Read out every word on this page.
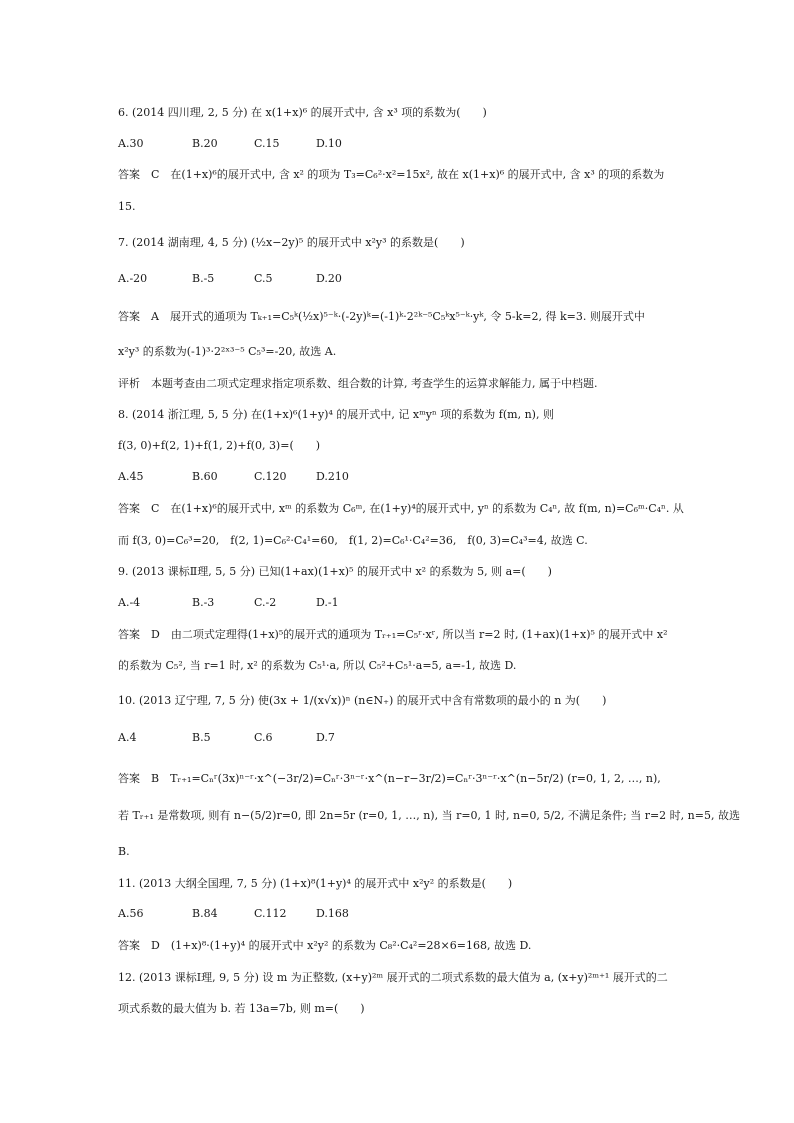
6. (2014 四川理, 2, 5 分) 在 x(1+x)⁶ 的展开式中, 含 x³ 项的系数为(　　)
A.30	B.20	C.15	D.10
答案　C　在(1+x)⁶的展开式中, 含 x² 的项为 T₃=C₆²·x²=15x², 故在 x(1+x)⁶ 的展开式中, 含 x³ 的项的系数为
15.
7. (2014 湖南理, 4, 5 分) (½x−2y)⁵ 的展开式中 x²y³ 的系数是(　　)
A.-20	B.-5	C.5	D.20
答案　A　展开式的通项为 Tₖ₊₁=C₅ᵏ(½x)⁵⁻ᵏ·(-2y)ᵏ=(-1)ᵏ·2²ᵏ⁻⁵C₅ᵏx⁵⁻ᵏ·yᵏ, 令 5-k=2, 得 k=3. 则展开式中
x²y³ 的系数为(-1)³·2²ˣ³⁻⁵ C₅³=-20, 故选 A.
评析　本题考查由二项式定理求指定项系数、组合数的计算, 考查学生的运算求解能力, 属于中档题.
8. (2014 浙江理, 5, 5 分) 在(1+x)⁶(1+y)⁴ 的展开式中, 记 xᵐyⁿ 项的系数为 f(m, n), 则
f(3, 0)+f(2, 1)+f(1, 2)+f(0, 3)=(　　)
A.45	B.60	C.120	D.210
答案　C　在(1+x)⁶的展开式中, xᵐ 的系数为 C₆ᵐ, 在(1+y)⁴的展开式中, yⁿ 的系数为 C₄ⁿ, 故 f(m, n)=C₆ᵐ·C₄ⁿ. 从
而 f(3, 0)=C₆³=20,　f(2, 1)=C₆²·C₄¹=60,　f(1, 2)=C₆¹·C₄²=36,　f(0, 3)=C₄³=4, 故选 C.
9. (2013 课标Ⅱ理, 5, 5 分) 已知(1+ax)(1+x)⁵ 的展开式中 x² 的系数为 5, 则 a=(　　)
A.-4	B.-3	C.-2	D.-1
答案　D　由二项式定理得(1+x)⁵的展开式的通项为 Tᵣ₊₁=C₅ʳ·xʳ, 所以当 r=2 时, (1+ax)(1+x)⁵ 的展开式中 x²
的系数为 C₅², 当 r=1 时, x² 的系数为 C₅¹·a, 所以 C₅²+C₅¹·a=5, a=-1, 故选 D.
10. (2013 辽宁理, 7, 5 分) 使(3x + 1/(x√x))ⁿ (n∈N₊) 的展开式中含有常数项的最小的 n 为(　　)
A.4	B.5	C.6	D.7
答案　B　Tᵣ₊₁=Cₙʳ(3x)ⁿ⁻ʳ·x^(−3r/2)=Cₙʳ·3ⁿ⁻ʳ·x^(n−r−3r/2)=Cₙʳ·3ⁿ⁻ʳ·x^(n−5r/2) (r=0, 1, 2, …, n),
若 Tᵣ₊₁ 是常数项, 则有 n−(5/2)r=0, 即 2n=5r (r=0, 1, …, n), 当 r=0, 1 时, n=0, 5/2, 不满足条件; 当 r=2 时, n=5, 故选
B.
11. (2013 大纲全国理, 7, 5 分) (1+x)⁸(1+y)⁴ 的展开式中 x²y² 的系数是(　　)
A.56	B.84	C.112	D.168
答案　D　(1+x)⁸·(1+y)⁴ 的展开式中 x²y² 的系数为 C₈²·C₄²=28×6=168, 故选 D.
12. (2013 课标Ⅰ理, 9, 5 分) 设 m 为正整数, (x+y)²ᵐ 展开式的二项式系数的最大值为 a, (x+y)²ᵐ⁺¹ 展开式的二
项式系数的最大值为 b. 若 13a=7b, 则 m=(　　)
